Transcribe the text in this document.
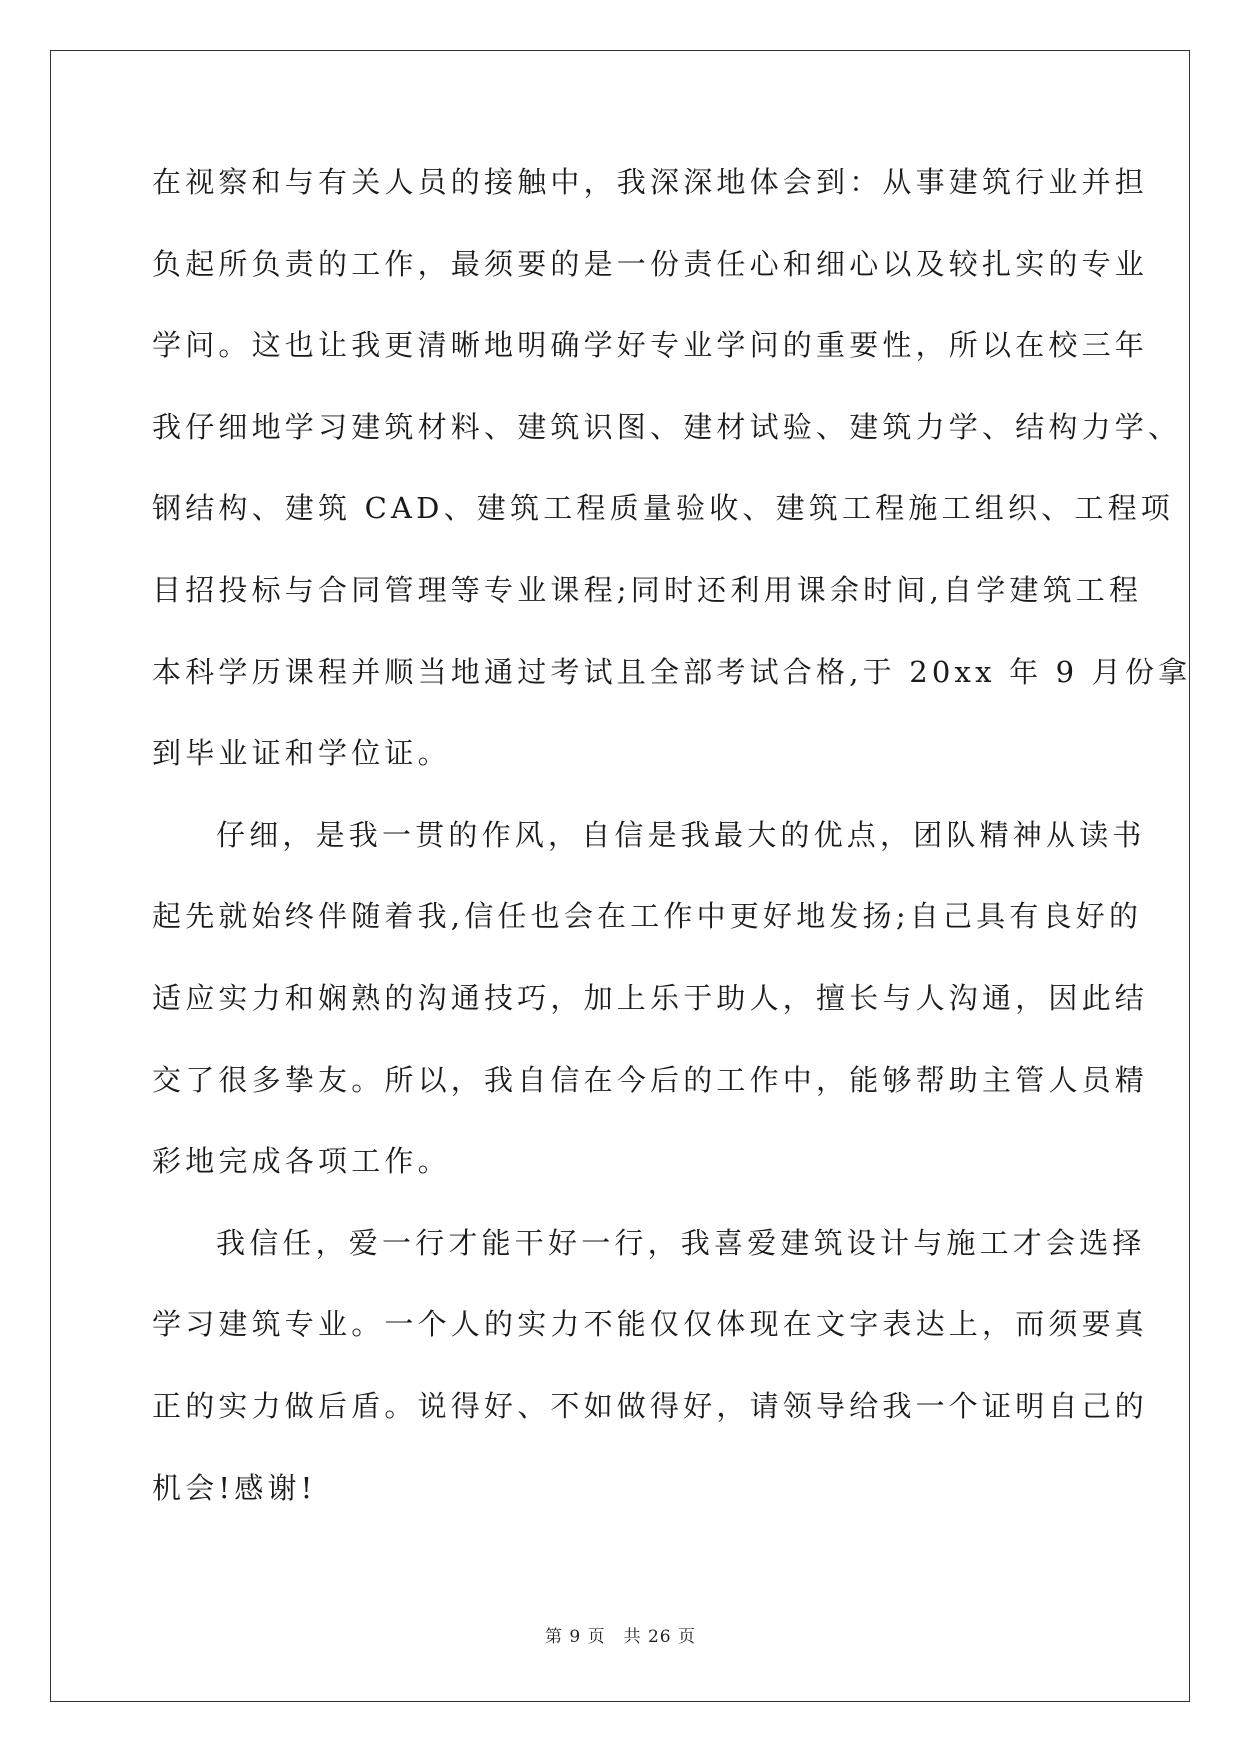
在视察和与有关人员的接触中，我深深地体会到：从事建筑行业并担
负起所负责的工作，最须要的是一份责任心和细心以及较扎实的专业
学问。这也让我更清晰地明确学好专业学问的重要性，所以在校三年
我仔细地学习建筑材料、建筑识图、建材试验、建筑力学、结构力学、
钢结构、建筑 CAD、建筑工程质量验收、建筑工程施工组织、工程项
目招投标与合同管理等专业课程;同时还利用课余时间,自学建筑工程
本科学历课程并顺当地通过考试且全部考试合格,于 20xx 年 9 月份拿
到毕业证和学位证。
仔细，是我一贯的作风，自信是我最大的优点，团队精神从读书
起先就始终伴随着我,信任也会在工作中更好地发扬;自己具有良好的
适应实力和娴熟的沟通技巧，加上乐于助人，擅长与人沟通，因此结
交了很多挚友。所以，我自信在今后的工作中，能够帮助主管人员精
彩地完成各项工作。
我信任，爱一行才能干好一行，我喜爱建筑设计与施工才会选择
学习建筑专业。一个人的实力不能仅仅体现在文字表达上，而须要真
正的实力做后盾。说得好、不如做得好，请领导给我一个证明自己的
机会!感谢!
第 9 页　共 26 页
